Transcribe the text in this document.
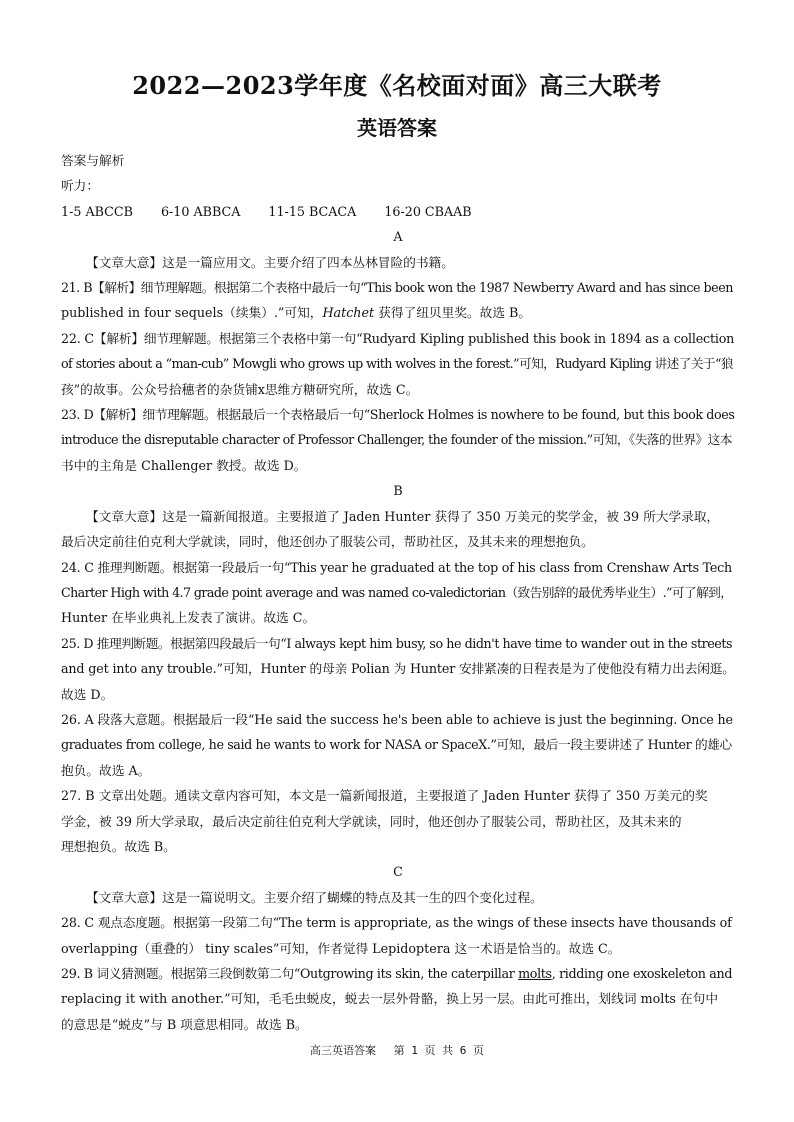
2022—2023学年度《名校面对面》高三大联考
英语答案
答案与解析
听力：
1-5 ABCCB 6-10 ABBCA 11-15 BCACA 16-20 CBAAB
A
【文章大意】这是一篇应用文。主要介绍了四本丛林冒险的书籍。
21. B【解析】细节理解题。根据第二个表格中最后一句“This book won the 1987 Newberry Award and has since been
published in four sequels（续集）.”可知，Hatchet 获得了纽贝里奖。故选 B。
22. C【解析】细节理解题。根据第三个表格中第一句“Rudyard Kipling published this book in 1894 as a collection
of stories about a “man-cub” Mowgli who grows up with wolves in the forest.”可知，Rudyard Kipling 讲述了关于“狼
孩”的故事。公众号拾穗者的杂货铺x思维方糖研究所，故选 C。
23. D【解析】细节理解题。根据最后一个表格最后一句“Sherlock Holmes is nowhere to be found, but this book does
introduce the disreputable character of Professor Challenger, the founder of the mission.”可知，《失落的世界》这本
书中的主角是 Challenger 教授。故选 D。
B
【文章大意】这是一篇新闻报道。主要报道了 Jaden Hunter 获得了 350 万美元的奖学金，被 39 所大学录取，
最后决定前往伯克利大学就读，同时，他还创办了服装公司，帮助社区，及其未来的理想抱负。
24. C 推理判断题。根据第一段最后一句“This year he graduated at the top of his class from Crenshaw Arts Tech
Charter High with 4.7 grade point average and was named co-valedictorian（致告别辞的最优秀毕业生）.”可了解到，
Hunter 在毕业典礼上发表了演讲。故选 C。
25. D 推理判断题。根据第四段最后一句“I always kept him busy, so he didn't have time to wander out in the streets
and get into any trouble.”可知，Hunter 的母亲 Polian 为 Hunter 安排紧凑的日程表是为了使他没有精力出去闲逛。
故选 D。
26. A 段落大意题。根据最后一段“He said the success he's been able to achieve is just the beginning. Once he
graduates from college, he said he wants to work for NASA or SpaceX.”可知，最后一段主要讲述了 Hunter 的雄心
抱负。故选 A。
27. B 文章出处题。通读文章内容可知，本文是一篇新闻报道，主要报道了 Jaden Hunter 获得了 350 万美元的奖
学金，被 39 所大学录取，最后决定前往伯克利大学就读，同时，他还创办了服装公司，帮助社区，及其未来的
理想抱负。故选 B。
C
【文章大意】这是一篇说明文。主要介绍了蝴蝶的特点及其一生的四个变化过程。
28. C 观点态度题。根据第一段第二句“The term is appropriate, as the wings of these insects have thousands of
overlapping（重叠的） tiny scales”可知，作者觉得 Lepidoptera 这一术语是恰当的。故选 C。
29. B 词义猜测题。根据第三段倒数第二句“Outgrowing its skin, the caterpillar molts, ridding one exoskeleton and
replacing it with another.”可知，毛毛虫蜕皮，蜕去一层外骨骼，换上另一层。由此可推出，划线词 molts 在句中
的意思是“蜕皮”与 B 项意思相同。故选 B。
高三英语答案　 第 1 页 共 6 页
